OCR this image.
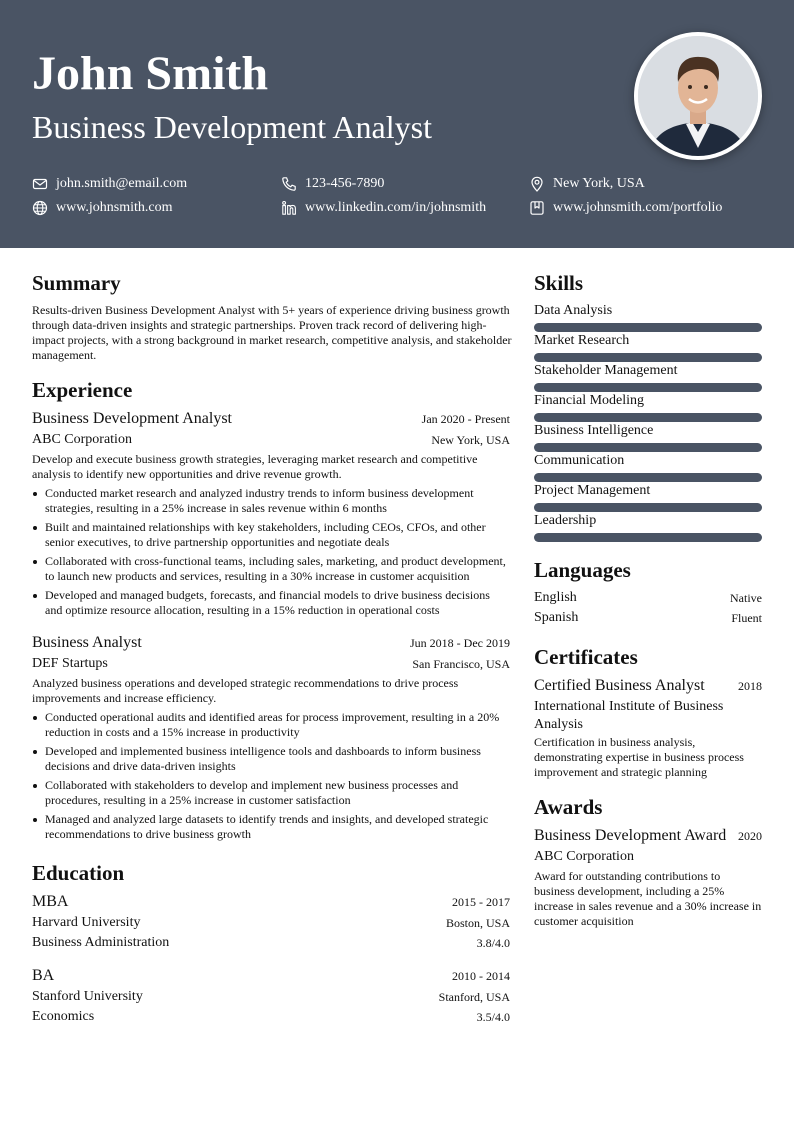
John Smith
Business Development Analyst
john.smith@email.com	123-456-7890	New York, USA
www.johnsmith.com	www.linkedin.com/in/johnsmith	www.johnsmith.com/portfolio
Summary

Results-driven Business Development Analyst with 5+ years of experience driving business growth through data-driven insights and strategic partnerships. Proven track record of delivering high-impact projects, with a strong background in market research, competitive analysis, and stakeholder management.

Experience
Business Development Analyst	Jan 2020 - Present
ABC Corporation	New York, USA

Develop and execute business growth strategies, leveraging market research and competitive analysis to identify new opportunities and drive revenue growth.

Conducted market research and analyzed industry trends to inform business development strategies, resulting in a 25% increase in sales revenue within 6 months
Built and maintained relationships with key stakeholders, including CEOs, CFOs, and other senior executives, to drive partnership opportunities and negotiate deals
Collaborated with cross-functional teams, including sales, marketing, and product development, to launch new products and services, resulting in a 30% increase in customer acquisition
Developed and managed budgets, forecasts, and financial models to drive business decisions and optimize resource allocation, resulting in a 15% reduction in operational costs
Business Analyst	Jun 2018 - Dec 2019
DEF Startups	San Francisco, USA

Analyzed business operations and developed strategic recommendations to drive process improvements and increase efficiency.

Conducted operational audits and identified areas for process improvement, resulting in a 20% reduction in costs and a 15% increase in productivity
Developed and implemented business intelligence tools and dashboards to inform business decisions and drive data-driven insights
Collaborated with stakeholders to develop and implement new business processes and procedures, resulting in a 25% increase in customer satisfaction
Managed and analyzed large datasets to identify trends and insights, and developed strategic recommendations to drive business growth
Education
MBA	2015 - 2017
Harvard University	Boston, USA
Business Administration	3.8/4.0
BA	2010 - 2014
Stanford University	Stanford, USA
Economics	3.5/4.0
Skills
Data Analysis
Market Research
Stakeholder Management
Financial Modeling
Business Intelligence
Communication
Project Management
Leadership
Languages
English	Native
Spanish	Fluent
Certificates
Certified Business Analyst	2018
International Institute of Business Analysis

Certification in business analysis, demonstrating expertise in business process improvement and strategic planning

Awards
Business Development Award 2020
ABC Corporation

Award for outstanding contributions to business development, including a 25% increase in sales revenue and a 30% increase in customer acquisition
